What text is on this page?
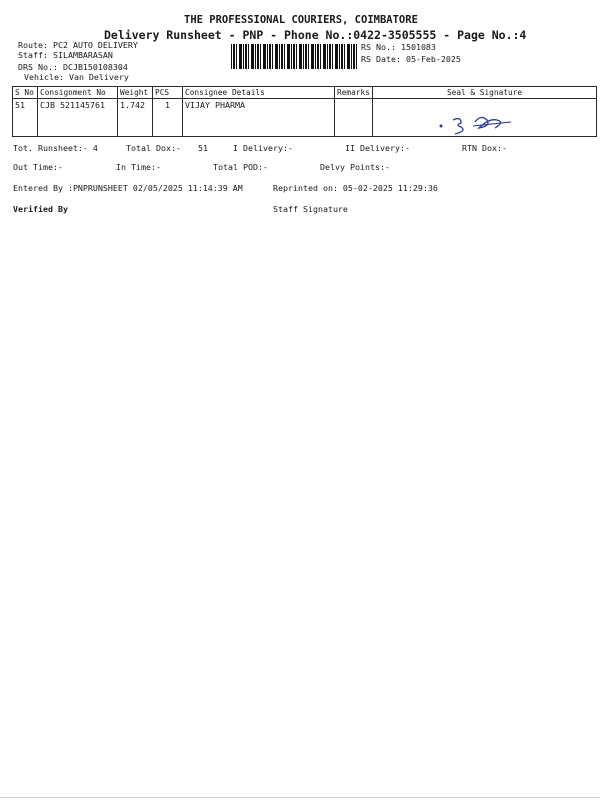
THE PROFESSIONAL COURIERS, COIMBATORE
Delivery Runsheet - PNP - Phone No.:0422-3505555 - Page No.:4
Route: PC2 AUTO DELIVERY
Staff: SILAMBARASAN
DRS No.: DCJB150108304
Vehicle: Van Delivery
RS No.: 1501083
RS Date: 05-Feb-2025
S No	Consignment No	Weight	PCS	Consignee Details	Remarks	Seal & Signature
51	CJB 521145761	1.742	1	VIJAY PHARMA		
Tot. Runsheet:- 4	Total Dox:- 51	I Delivery:-	II Delivery:-	RTN Dox:-
Out Time:-	In Time:-	Total POD:-	Delvy Points:-
Entered By :PNPRUNSHEET 02/05/2025 11:14:39 AM	Reprinted on: 05-02-2025 11:29:36
Verified By	Staff Signature
